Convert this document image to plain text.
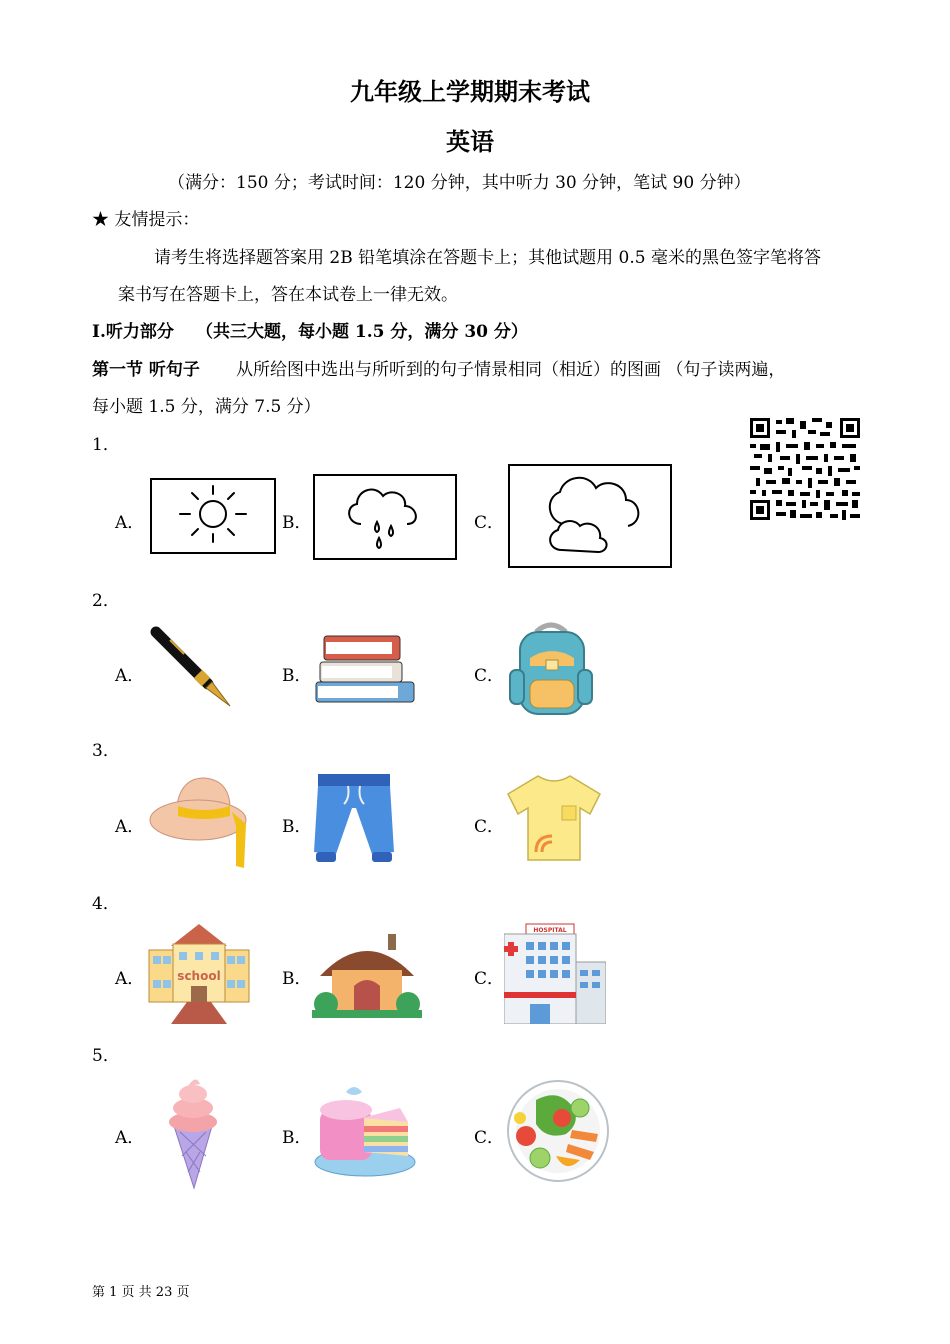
九年级上学期期末考试
英语
（满分：150 分；考试时间：120 分钟，其中听力 30 分钟，笔试 90 分钟）
★ 友情提示：
请考生将选择题答案用 2B 铅笔填涂在答题卡上；其他试题用 0.5 毫米的黑色签字笔将答
案书写在答题卡上，答在本试卷上一律无效。
I.听力部分 （共三大题，每小题 1.5 分，满分 30 分）
第一节 听句子 从所给图中选出与所听到的句子情景相同（相近）的图画 （句子读两遍，
每小题 1.5 分，满分 7.5 分）
1．
A．	B．	C．
2．
A．	B．	C．
3．
A．	B．	C．
4．
A．	school	B．	C．
HOSPITAL
5．
A．	B．	C．
第 1 页 共 23 页
